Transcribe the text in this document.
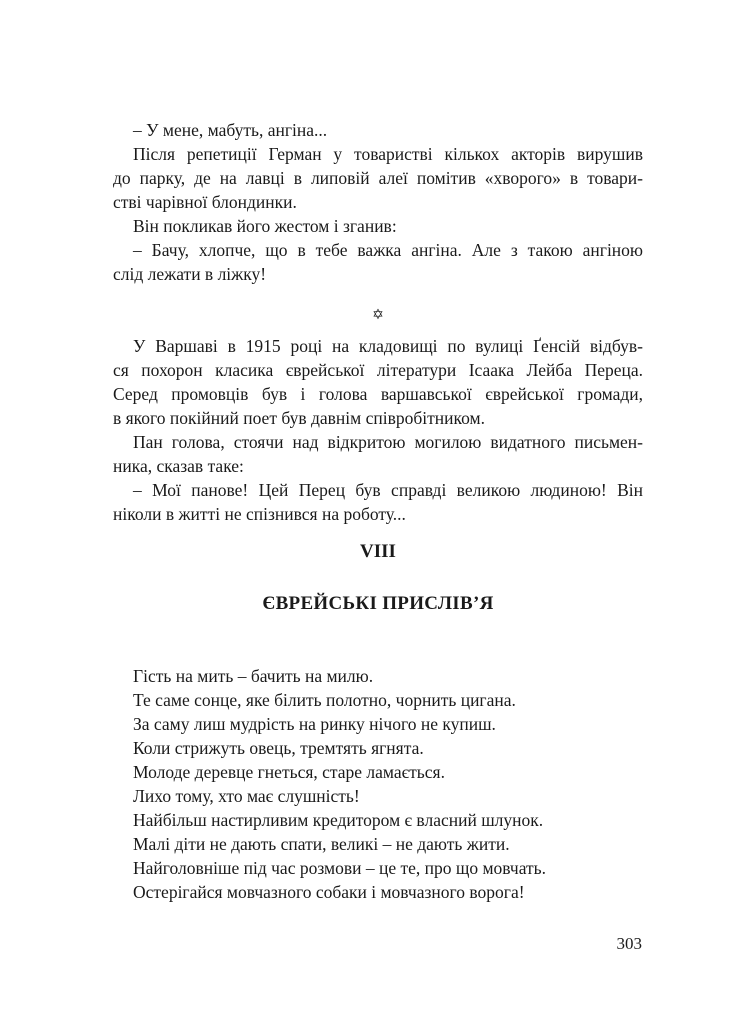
– У мене, мабуть, ангіна...
Після репетиції Герман у товаристві кількох акторів вирушив
до парку, де на лавці в липовій алеї помітив «хворого» в товари-
стві чарівної блондинки.
Він покликав його жестом і зганив:
– Бачу, хлопче, що в тебе важка ангіна. Але з такою ангіною
слід лежати в ліжку!
✡
У Варшаві в 1915 році на кладовищі по вулиці Ґенсій відбув-
ся похорон класика єврейської літератури Ісаака Лейба Переца.
Серед промовців був і голова варшавської єврейської громади,
в якого покійний поет був давнім співробітником.
Пан голова, стоячи над відкритою могилою видатного письмен-
ника, сказав таке:
– Мої панове! Цей Перец був справді великою людиною! Він
ніколи в житті не спізнився на роботу...
VIII
ЄВРЕЙСЬКІ ПРИСЛІВ’Я
Гість на мить – бачить на милю.
Те саме сонце, яке білить полотно, чорнить цигана.
За саму лиш мудрість на ринку нічого не купиш.
Коли стрижуть овець, тремтять ягнята.
Молоде деревце гнеться, старе ламається.
Лихо тому, хто має слушність!
Найбільш настирливим кредитором є власний шлунок.
Малі діти не дають спати, великі – не дають жити.
Найголовніше під час розмови – це те, про що мовчать.
Остерігайся мовчазного собаки і мовчазного ворога!
303
